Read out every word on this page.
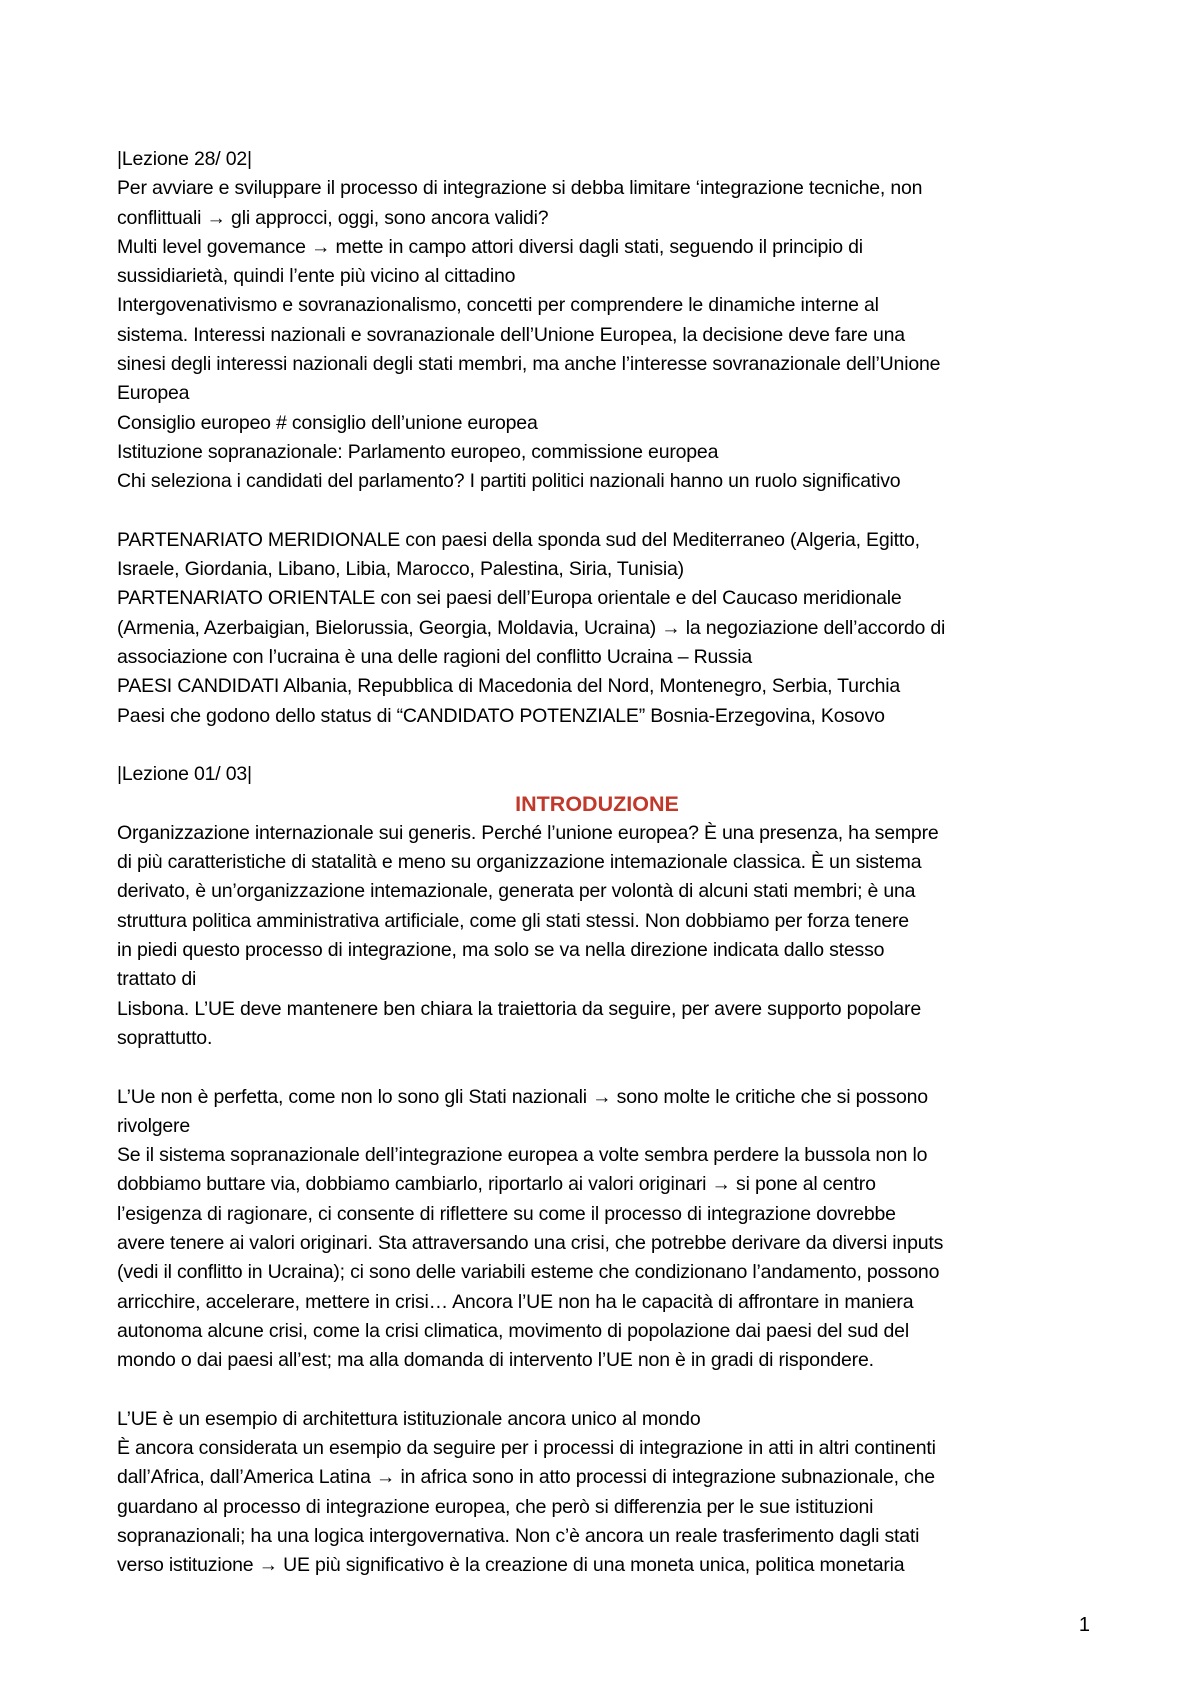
|Lezione 28/ 02|
Per avviare e sviluppare il processo di integrazione si debba limitare ‘integrazione tecniche, non
conflittuali → gli approcci, oggi, sono ancora validi?
Multi level govemance → mette in campo attori diversi dagli stati, seguendo il principio di
sussidiarietà, quindi l’ente più vicino al cittadino
Intergovenativismo e sovranazionalismo, concetti per comprendere le dinamiche interne al
sistema. Interessi nazionali e sovranazionale dell’Unione Europea, la decisione deve fare una
sinesi degli interessi nazionali degli stati membri, ma anche l’interesse sovranazionale dell’Unione
Europea
Consiglio europeo # consiglio dell’unione europea
Istituzione sopranazionale: Parlamento europeo, commissione europea
Chi seleziona i candidati del parlamento? I partiti politici nazionali hanno un ruolo significativo
PARTENARIATO MERIDIONALE con paesi della sponda sud del Mediterraneo (Algeria, Egitto,
Israele, Giordania, Libano, Libia, Marocco, Palestina, Siria, Tunisia)
PARTENARIATO ORIENTALE con sei paesi dell’Europa orientale e del Caucaso meridionale
(Armenia, Azerbaigian, Bielorussia, Georgia, Moldavia, Ucraina) → la negoziazione dell’accordo di
associazione con l’ucraina è una delle ragioni del conflitto Ucraina – Russia
PAESI CANDIDATI Albania, Repubblica di Macedonia del Nord, Montenegro, Serbia, Turchia
Paesi che godono dello status di “CANDIDATO POTENZIALE” Bosnia-Erzegovina, Kosovo
|Lezione 01/ 03|
INTRODUZIONE
Organizzazione internazionale sui generis. Perché l’unione europea? È una presenza, ha sempre
di più caratteristiche di statalità e meno su organizzazione intemazionale classica. È un sistema
derivato, è un’organizzazione intemazionale, generata per volontà di alcuni stati membri; è una
struttura politica amministrativa artificiale, come gli stati stessi. Non dobbiamo per forza tenere
in piedi questo processo di integrazione, ma solo se va nella direzione indicata dallo stesso
trattato di
Lisbona. L’UE deve mantenere ben chiara la traiettoria da seguire, per avere supporto popolare
soprattutto.
L’Ue non è perfetta, come non lo sono gli Stati nazionali → sono molte le critiche che si possono
rivolgere
Se il sistema sopranazionale dell’integrazione europea a volte sembra perdere la bussola non lo
dobbiamo buttare via, dobbiamo cambiarlo, riportarlo ai valori originari → si pone al centro
l’esigenza di ragionare, ci consente di riflettere su come il processo di integrazione dovrebbe
avere tenere ai valori originari. Sta attraversando una crisi, che potrebbe derivare da diversi inputs
(vedi il conflitto in Ucraina); ci sono delle variabili esteme che condizionano l’andamento, possono
arricchire, accelerare, mettere in crisi… Ancora l’UE non ha le capacità di affrontare in maniera
autonoma alcune crisi, come la crisi climatica, movimento di popolazione dai paesi del sud del
mondo o dai paesi all’est; ma alla domanda di intervento l’UE non è in gradi di rispondere.
L’UE è un esempio di architettura istituzionale ancora unico al mondo
È ancora considerata un esempio da seguire per i processi di integrazione in atti in altri continenti
dall’Africa, dall’America Latina → in africa sono in atto processi di integrazione subnazionale, che
guardano al processo di integrazione europea, che però si differenzia per le sue istituzioni
sopranazionali; ha una logica intergovernativa. Non c’è ancora un reale trasferimento dagli stati
verso istituzione → UE più significativo è la creazione di una moneta unica, politica monetaria
1
